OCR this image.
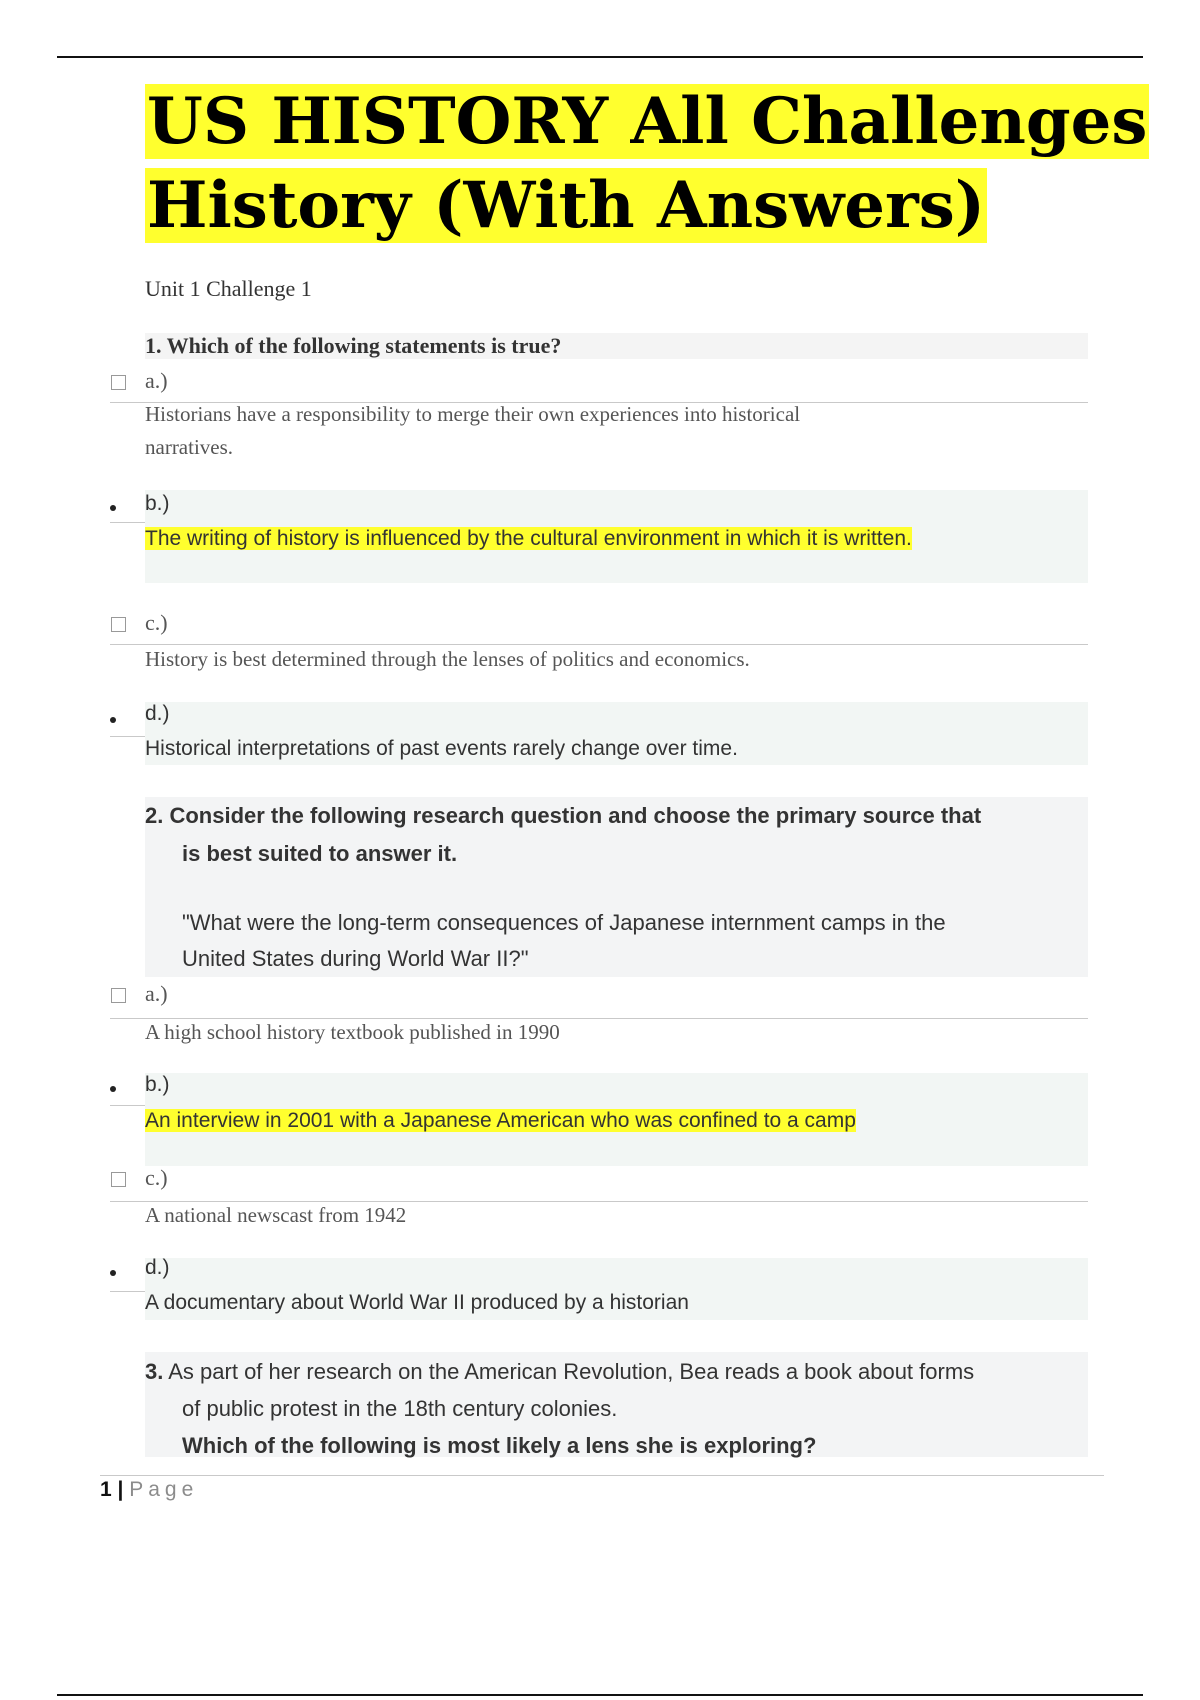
US HISTORY All Challenges
History (With Answers)
Unit 1 Challenge 1
1. Which of the following statements is true?
a.)
Historians have a responsibility to merge their own experiences into historical
narratives.
b.)
The writing of history is influenced by the cultural environment in which it is written.
c.)
History is best determined through the lenses of politics and economics.
d.)
Historical interpretations of past events rarely change over time.
2. Consider the following research question and choose the primary source that
is best suited to answer it.
"What were the long-term consequences of Japanese internment camps in the
United States during World War II?"
a.)
A high school history textbook published in 1990
b.)
An interview in 2001 with a Japanese American who was confined to a camp
c.)
A national newscast from 1942
d.)
A documentary about World War II produced by a historian
3. As part of her research on the American Revolution, Bea reads a book about forms
of public protest in the 18th century colonies.
Which of the following is most likely a lens she is exploring?
1 | Page
